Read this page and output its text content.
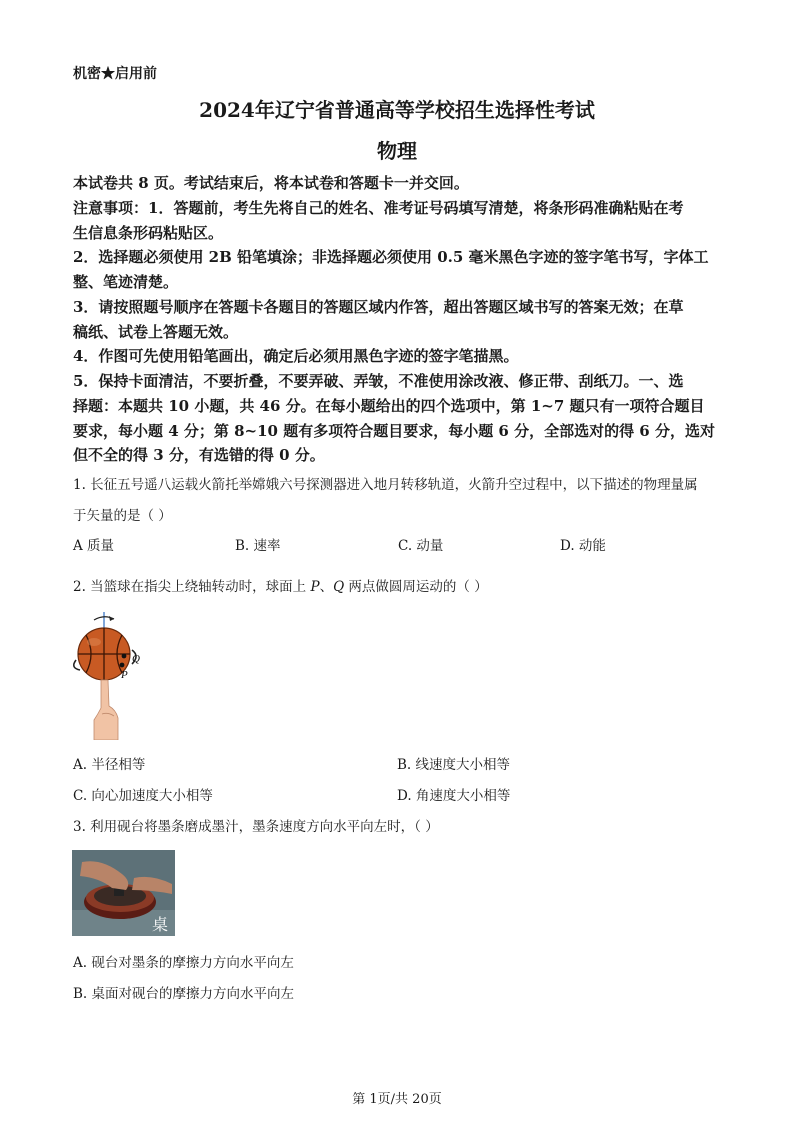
机密★启用前
2024年辽宁省普通高等学校招生选择性考试
物理
本试卷共 8 页。考试结束后，将本试卷和答题卡一并交回。
注意事项：1．答题前，考生先将自己的姓名、准考证号码填写清楚，将条形码准确粘贴在考
生信息条形码粘贴区。
2．选择题必须使用 2B 铅笔填涂；非选择题必须使用 0.5 毫米黑色字迹的签字笔书写，字体工
整、笔迹清楚。
3．请按照题号顺序在答题卡各题目的答题区域内作答，超出答题区域书写的答案无效；在草
稿纸、试卷上答题无效。
4．作图可先使用铅笔画出，确定后必须用黑色字迹的签字笔描黑。
5．保持卡面清洁，不要折叠，不要弄破、弄皱，不准使用涂改液、修正带、刮纸刀。一、选
择题：本题共 10 小题，共 46 分。在每小题给出的四个选项中，第 1~7 题只有一项符合题目
要求，每小题 4 分；第 8~10 题有多项符合题目要求，每小题 6 分，全部选对的得 6 分，选对
但不全的得 3 分，有选错的得 0 分。
1. 长征五号遥八运载火箭托举嫦娥六号探测器进入地月转移轨道，火箭升空过程中，以下描述的物理量属
于矢量的是（ ）
A 质量	B. 速率	C. 动量	D. 动能
2. 当篮球在指尖上绕轴转动时，球面上 P、Q 两点做圆周运动的（ ）
Q
P
A. 半径相等	B. 线速度大小相等
C. 向心加速度大小相等	D. 角速度大小相等
3. 利用砚台将墨条磨成墨汁，墨条速度方向水平向左时，（ ）
桌
A. 砚台对墨条的摩擦力方向水平向左
B. 桌面对砚台的摩擦力方向水平向左
第 1页/共 20页
